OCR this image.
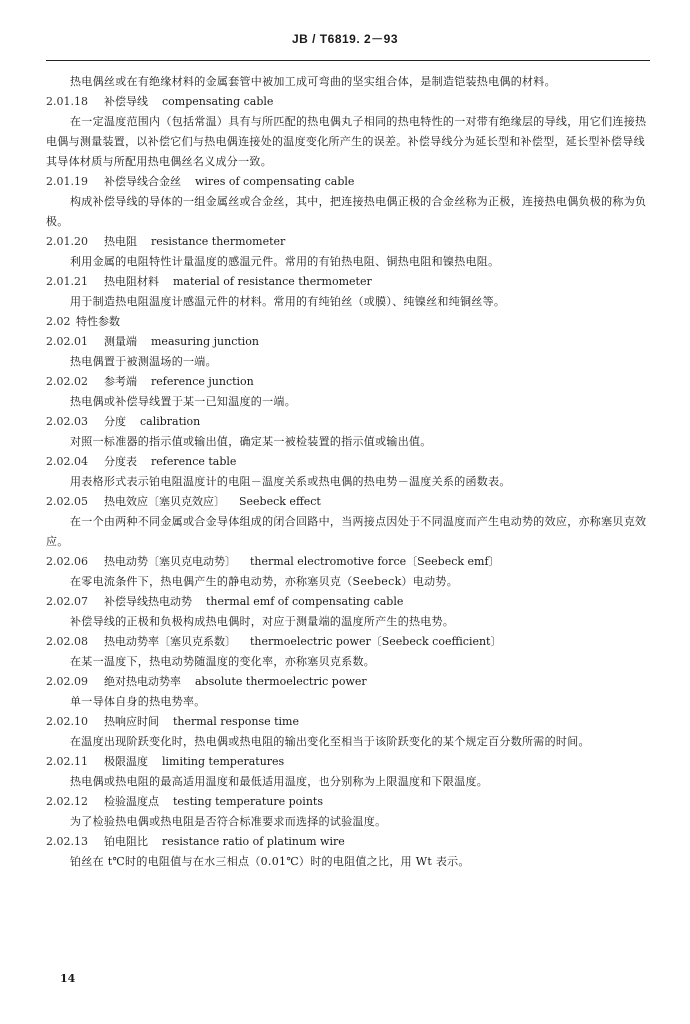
JB / T6819. 2－93
热电偶丝或在有绝缘材料的金属套管中被加工成可弯曲的坚实组合体，是制造铠装热电偶的材料。
2.01.18 补偿导线 compensating cable
在一定温度范围内（包括常温）具有与所匹配的热电偶丸子相同的热电特性的一对带有绝缘层的导线，用它们连接热电偶与测量装置，以补偿它们与热电偶连接处的温度变化所产生的误差。补偿导线分为延长型和补偿型，延长型补偿导线其导体材质与所配用热电偶丝名义成分一致。
2.01.19 补偿导线合金丝 wires of compensating cable
构成补偿导线的导体的一组金属丝或合金丝，其中，把连接热电偶正极的合金丝称为正极，连接热电偶负极的称为负极。
2.01.20 热电阻 resistance thermometer
利用金属的电阻特性计量温度的感温元件。常用的有铂热电阻、铜热电阻和镍热电阻。
2.01.21 热电阻材料 material of resistance thermometer
用于制造热电阻温度计感温元件的材料。常用的有纯铂丝（或膜）、纯镍丝和纯铜丝等。
2.02 特性参数
2.02.01 测量端 measuring junction
热电偶置于被测温场的一端。
2.02.02 参考端 reference junction
热电偶或补偿导线置于某一已知温度的一端。
2.02.03 分度 calibration
对照一标准器的指示值或输出值，确定某一被检装置的指示值或输出值。
2.02.04 分度表 reference table
用表格形式表示铂电阻温度计的电阻－温度关系或热电偶的热电势－温度关系的函数表。
2.02.05 热电效应〔塞贝克效应〕 Seebeck effect
在一个由两种不同金属或合金导体组成的闭合回路中，当两接点因处于不同温度而产生电动势的效应，亦称塞贝克效应。
2.02.06 热电动势〔塞贝克电动势〕 thermal electromotive force〔Seebeck emf〕
在零电流条件下，热电偶产生的静电动势，亦称塞贝克（Seebeck）电动势。
2.02.07 补偿导线热电动势 thermal emf of compensating cable
补偿导线的正极和负极构成热电偶时，对应于测量端的温度所产生的热电势。
2.02.08 热电动势率〔塞贝克系数〕 thermoelectric power〔Seebeck coefficient〕
在某一温度下，热电动势随温度的变化率，亦称塞贝克系数。
2.02.09 绝对热电动势率 absolute thermoelectric power
单一导体自身的热电势率。
2.02.10 热响应时间 thermal response time
在温度出现阶跃变化时，热电偶或热电阻的输出变化至相当于该阶跃变化的某个规定百分数所需的时间。
2.02.11 极限温度 limiting temperatures
热电偶或热电阻的最高适用温度和最低适用温度，也分别称为上限温度和下限温度。
2.02.12 检验温度点 testing temperature points
为了检验热电偶或热电阻是否符合标准要求而选择的试验温度。
2.02.13 铂电阻比 resistance ratio of platinum wire
铂丝在 t℃时的电阻值与在水三相点（0.01℃）时的电阻值之比，用 Wt 表示。
14
